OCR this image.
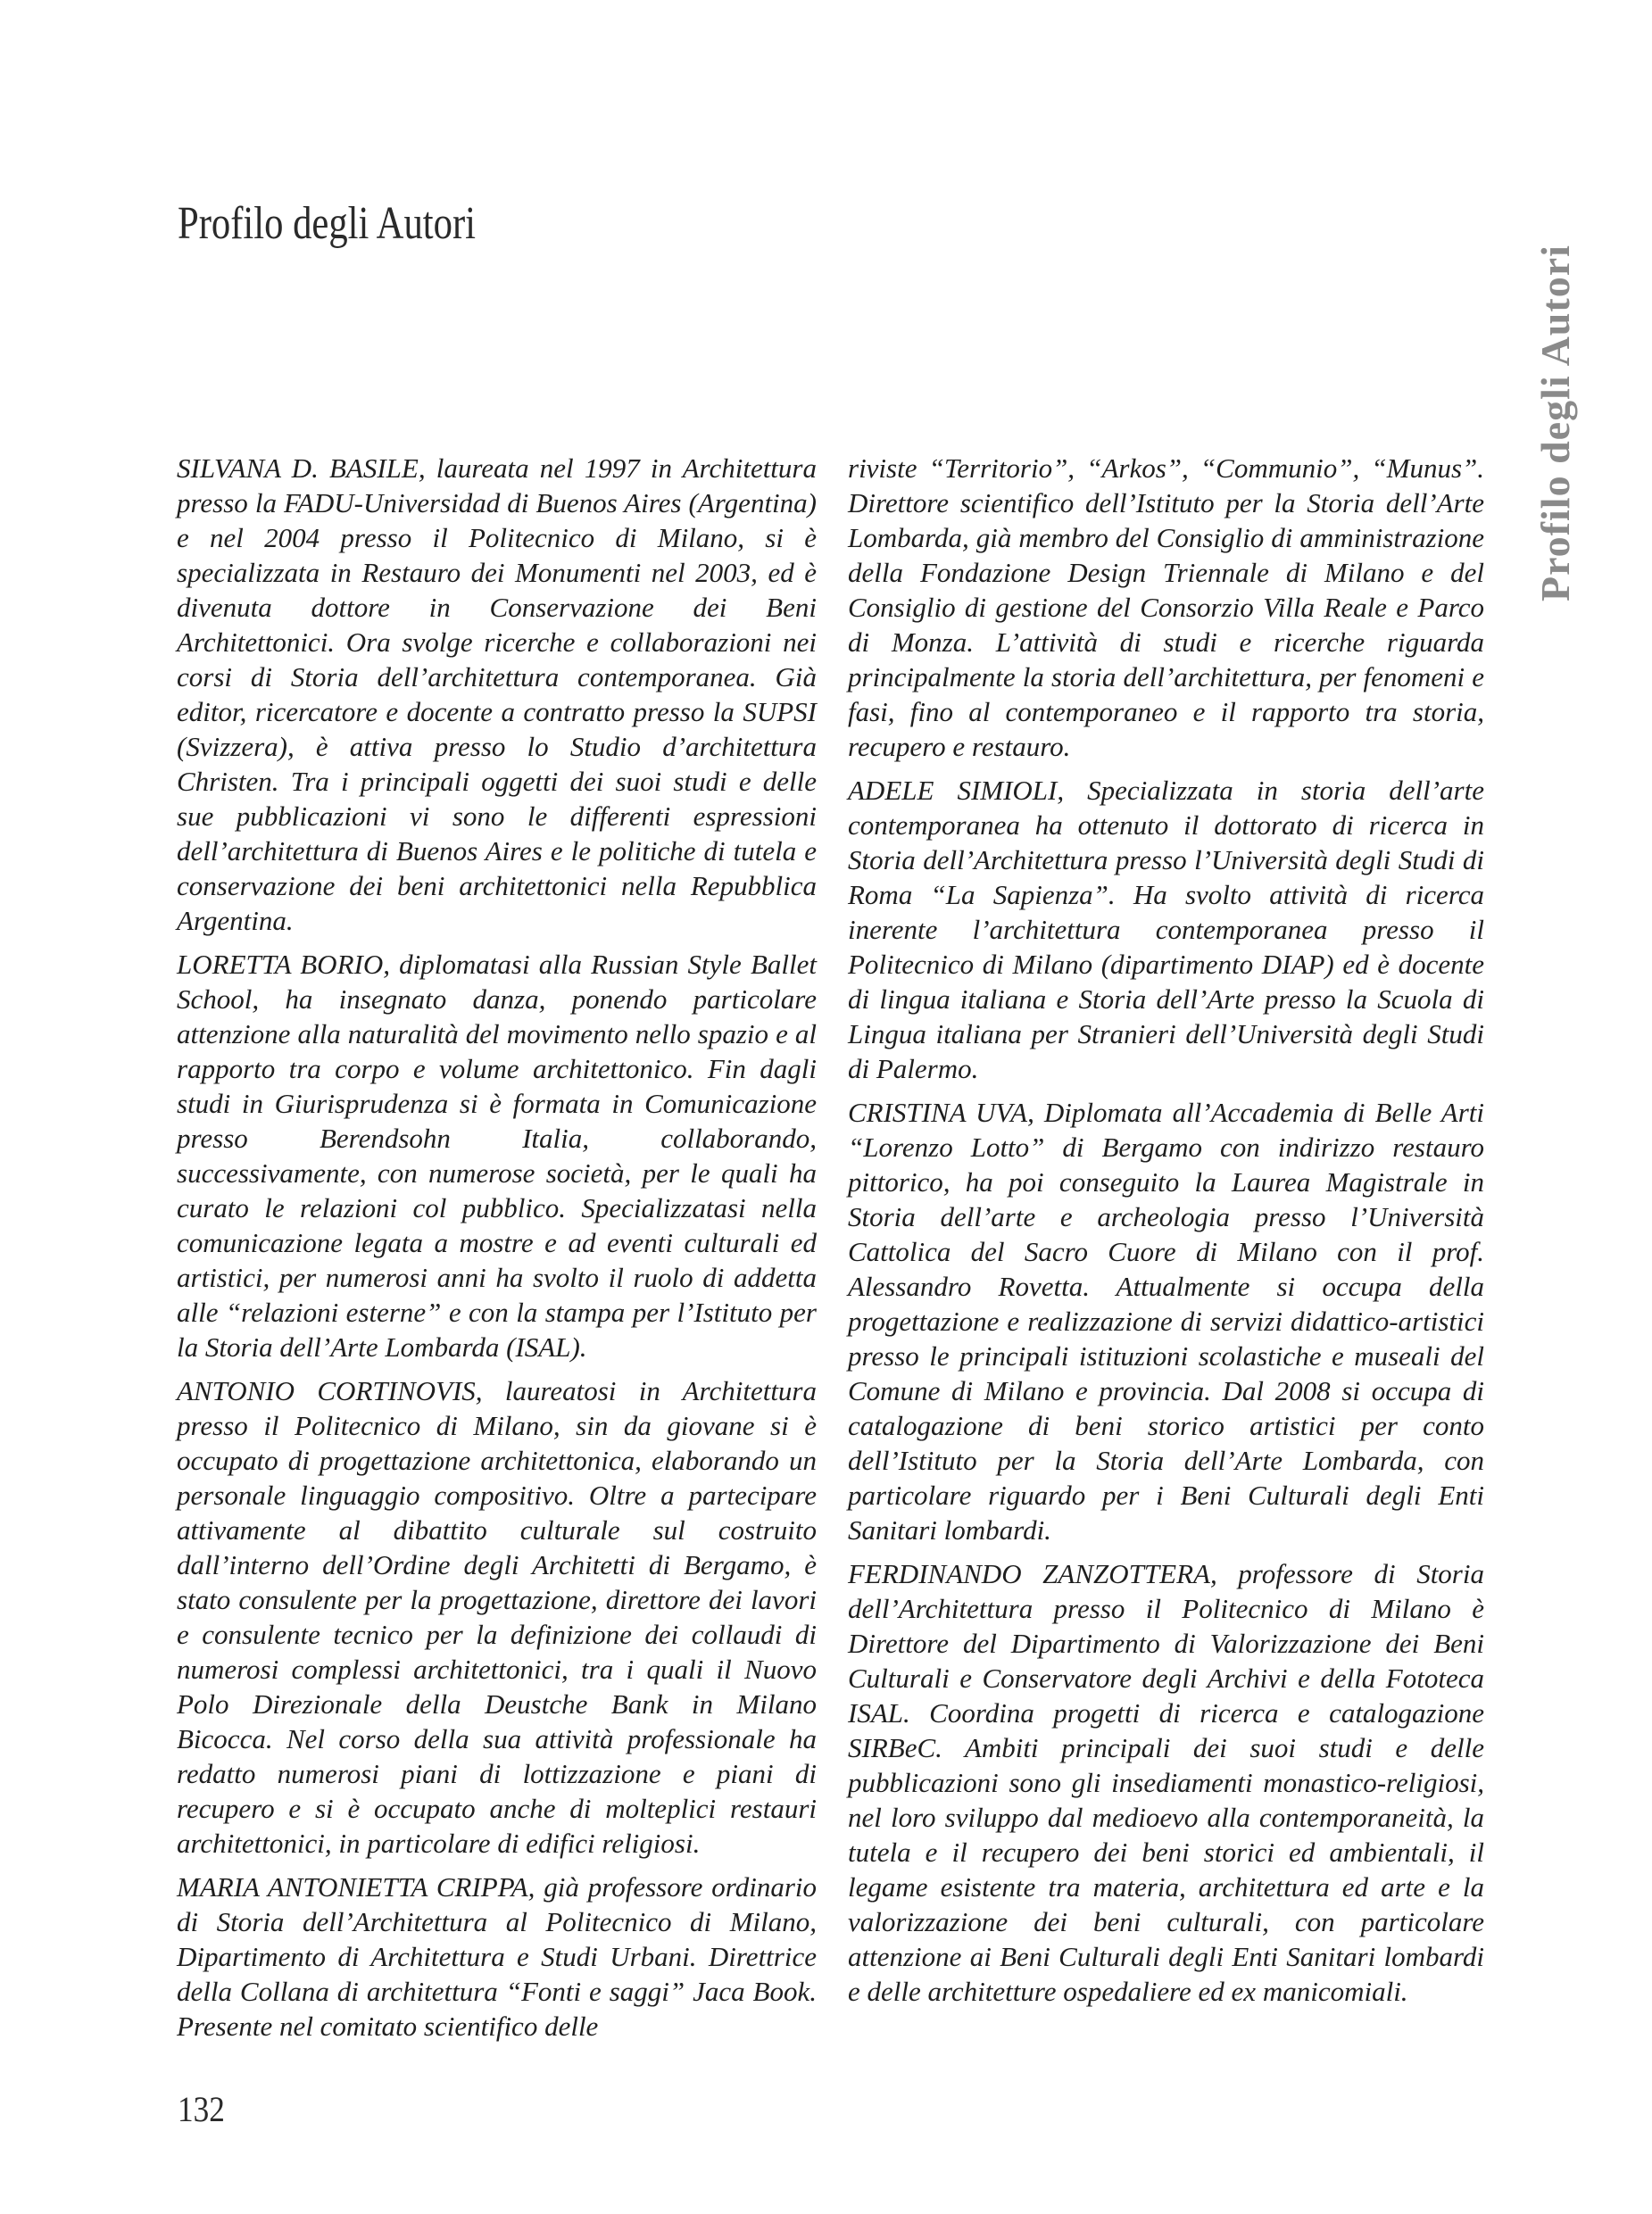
Profilo degli Autori

SILVANA D. BASILE, laureata nel 1997 in Architettura presso la FADU-Universidad di Buenos Aires (Argentina) e nel 2004 presso il Politecnico di Milano, si è specializzata in Restauro dei Monumenti nel 2003, ed è divenuta dottore in Conservazione dei Beni Architettonici. Ora svolge ricerche e collaborazioni nei corsi di Storia dell’architettura contemporanea. Già editor, ricercatore e docente a contratto presso la SUPSI (Svizzera), è attiva presso lo Studio d’architettura Christen. Tra i principali oggetti dei suoi studi e delle sue pubblicazioni vi sono le differenti espressioni dell’architettura di Buenos Aires e le politiche di tutela e conservazione dei beni architettonici nella Repubblica Argentina.

LORETTA BORIO, diplomatasi alla Russian Style Ballet School, ha insegnato danza, ponendo particolare attenzione alla naturalità del movimento nello spazio e al rapporto tra corpo e volume architettonico. Fin dagli studi in Giurisprudenza si è formata in Comunicazione presso Berendsohn Italia, collaborando, successivamente, con numerose società, per le quali ha curato le relazioni col pubblico. Specializzatasi nella comunicazione legata a mostre e ad eventi culturali ed artistici, per numerosi anni ha svolto il ruolo di addetta alle “relazioni esterne” e con la stampa per l’Istituto per la Storia dell’Arte Lombarda (ISAL).

ANTONIO CORTINOVIS, laureatosi in Architettura presso il Politecnico di Milano, sin da giovane si è occupato di progettazione architettonica, elaborando un personale linguaggio compositivo. Oltre a partecipare attivamente al dibattito culturale sul costruito dall’interno dell’Ordine degli Architetti di Bergamo, è stato consulente per la progettazione, direttore dei lavori e consulente tecnico per la definizione dei collaudi di numerosi complessi architettonici, tra i quali il Nuovo Polo Direzionale della Deustche Bank in Milano Bicocca. Nel corso della sua attività professionale ha redatto numerosi piani di lottizzazione e piani di recupero e si è occupato anche di molteplici restauri architettonici, in particolare di edifici religiosi.

MARIA ANTONIETTA CRIPPA, già professore ordinario di Storia dell’Architettura al Politecnico di Milano, Dipartimento di Architettura e Studi Urbani. Direttrice della Collana di architettura “Fonti e saggi” Jaca Book. Presente nel comitato scientifico delle

riviste “Territorio”, “Arkos”, “Communio”, “Munus”. Direttore scientifico dell’Istituto per la Storia dell’Arte Lombarda, già membro del Consiglio di amministrazione della Fondazione Design Triennale di Milano e del Consiglio di gestione del Consorzio Villa Reale e Parco di Monza. L’attività di studi e ricerche riguarda principalmente la storia dell’architettura, per fenomeni e fasi, fino al contemporaneo e il rapporto tra storia, recupero e restauro.

ADELE SIMIOLI, Specializzata in storia dell’arte contemporanea ha ottenuto il dottorato di ricerca in Storia dell’Architettura presso l’Università degli Studi di Roma “La Sapienza”. Ha svolto attività di ricerca inerente l’architettura contemporanea presso il Politecnico di Milano (dipartimento DIAP) ed è docente di lingua italiana e Storia dell’Arte presso la Scuola di Lingua italiana per Stranieri dell’Università degli Studi di Palermo.

CRISTINA UVA, Diplomata all’Accademia di Belle Arti “Lorenzo Lotto” di Bergamo con indirizzo restauro pittorico, ha poi conseguito la Laurea Magistrale in Storia dell’arte e archeologia presso l’Università Cattolica del Sacro Cuore di Milano con il prof. Alessandro Rovetta. Attualmente si occupa della progettazione e realizzazione di servizi didattico-artistici presso le principali istituzioni scolastiche e museali del Comune di Milano e provincia. Dal 2008 si occupa di catalogazione di beni storico artistici per conto dell’Istituto per la Storia dell’Arte Lombarda, con particolare riguardo per i Beni Culturali degli Enti Sanitari lombardi.

FERDINANDO ZANZOTTERA, professore di Storia dell’Architettura presso il Politecnico di Milano è Direttore del Dipartimento di Valorizzazione dei Beni Culturali e Conservatore degli Archivi e della Fototeca ISAL. Coordina progetti di ricerca e catalogazione SIRBeC. Ambiti principali dei suoi studi e delle pubblicazioni sono gli insediamenti monastico-religiosi, nel loro sviluppo dal medioevo alla contemporaneità, la tutela e il recupero dei beni storici ed ambientali, il legame esistente tra materia, architettura ed arte e la valorizzazione dei beni culturali, con particolare attenzione ai Beni Culturali degli Enti Sanitari lombardi e delle architetture ospedaliere ed ex manicomiali.

Profilo degli Autori
132
